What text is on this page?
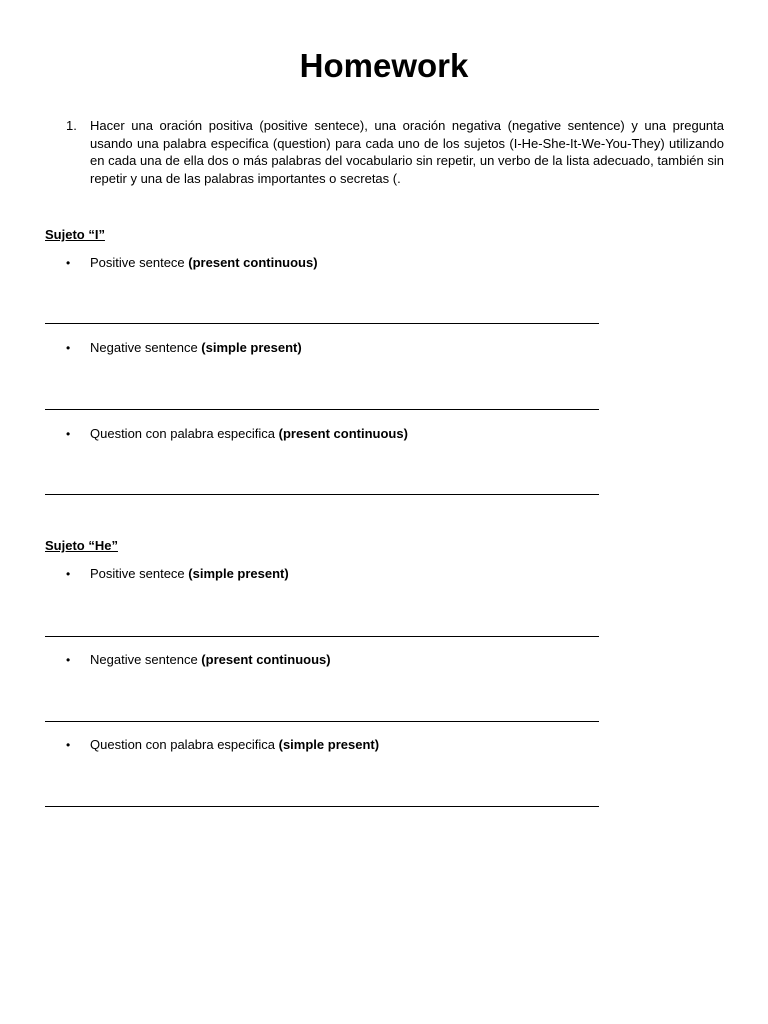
Homework
1.	Hacer una oración positiva (positive sentece), una oración negativa (negative sentence) y una pregunta usando una palabra especifica (question) para cada uno de los sujetos (I-He-She-It-We-You-They) utilizando en cada una de ella dos o más palabras del vocabulario sin repetir, un verbo de la lista adecuado, también sin repetir y una de las palabras importantes o secretas (.
Sujeto “I”
• Positive sentece (present continuous)
• Negative sentence (simple present)
• Question con palabra especifica (present continuous)
Sujeto “He”
• Positive sentece (simple present)
• Negative sentence (present continuous)
• Question con palabra especifica (simple present)
